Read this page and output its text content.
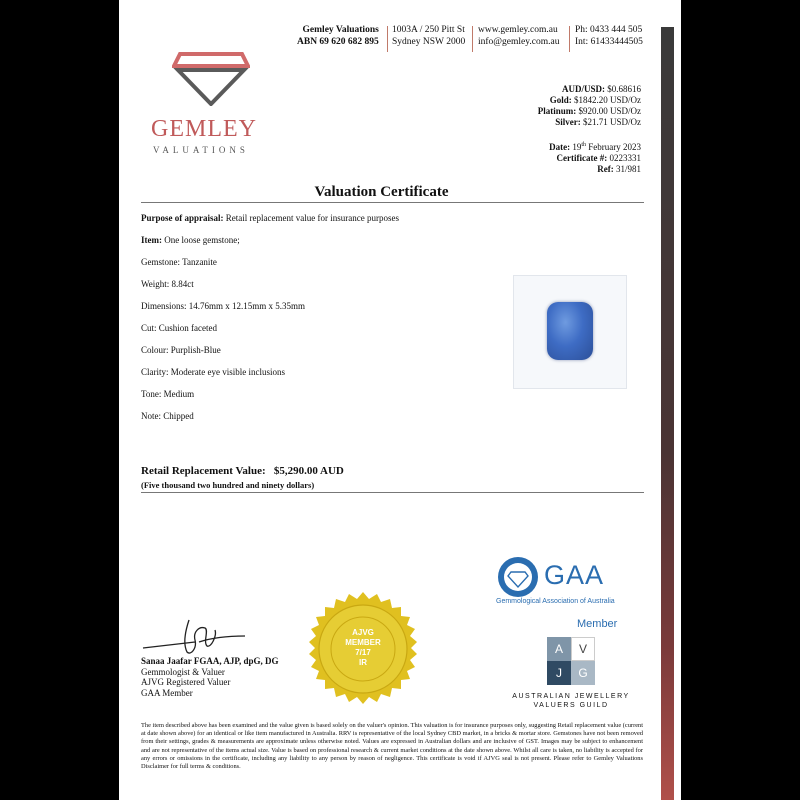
Gemley Valuations
ABN 69 620 682 895
1003A / 250 Pitt St
Sydney NSW 2000
www.gemley.com.au
info@gemley.com.au
Ph: 0433 444 505
Int: 61433444505
GEMLEY
VALUATIONS
AUD/USD: $0.68616
Gold: $1842.20 USD/Oz
Platinum: $920.00 USD/Oz
Silver: $21.71 USD/Oz
Date: 19th February 2023
Certificate #: 0223331
Ref: 31/981
Valuation Certificate
Purpose of appraisal: Retail replacement value for insurance purposes
Item: One loose gemstone;
Gemstone: Tanzanite
Weight: 8.84ct
Dimensions: 14.76mm x 12.15mm x 5.35mm
Cut: Cushion faceted
Colour: Purplish-Blue
Clarity: Moderate eye visible inclusions
Tone: Medium
Note: Chipped
Retail Replacement Value: $5,290.00 AUD
(Five thousand two hundred and ninety dollars)
GAA
Gemmological Association of Australia
Member
AJVG
MEMBER
7/17
IR
Sanaa Jaafar FGAA, AJP, dpG, DG
Gemmologist & Valuer
AJVG Registered Valuer
GAA Member
A	V
J	G
AUSTRALIAN JEWELLERY
VALUERS GUILD
The item described above has been examined and the value given is based solely on the valuer's opinion. This valuation is for insurance purposes only, suggesting Retail replacement value (current at date shown above) for an identical or like item manufactured in Australia. RRV is representative of the local Sydney CBD market, in a bricks & mortar store. Gemstones have not been removed from their settings, grades & measurements are approximate unless otherwise noted. Values are expressed in Australian dollars and are inclusive of GST. Images may be subject to enhancement and are not representative of the items actual size. Value is based on professional research & current market conditions at the date shown above. Whilst all care is taken, no liability is accepted for any errors or omissions in the certificate, including any liability to any person by reason of negligence. This certificate is void if AJVG seal is not present. Please refer to Gemley Valuations Disclaimer for full terms & conditions.
